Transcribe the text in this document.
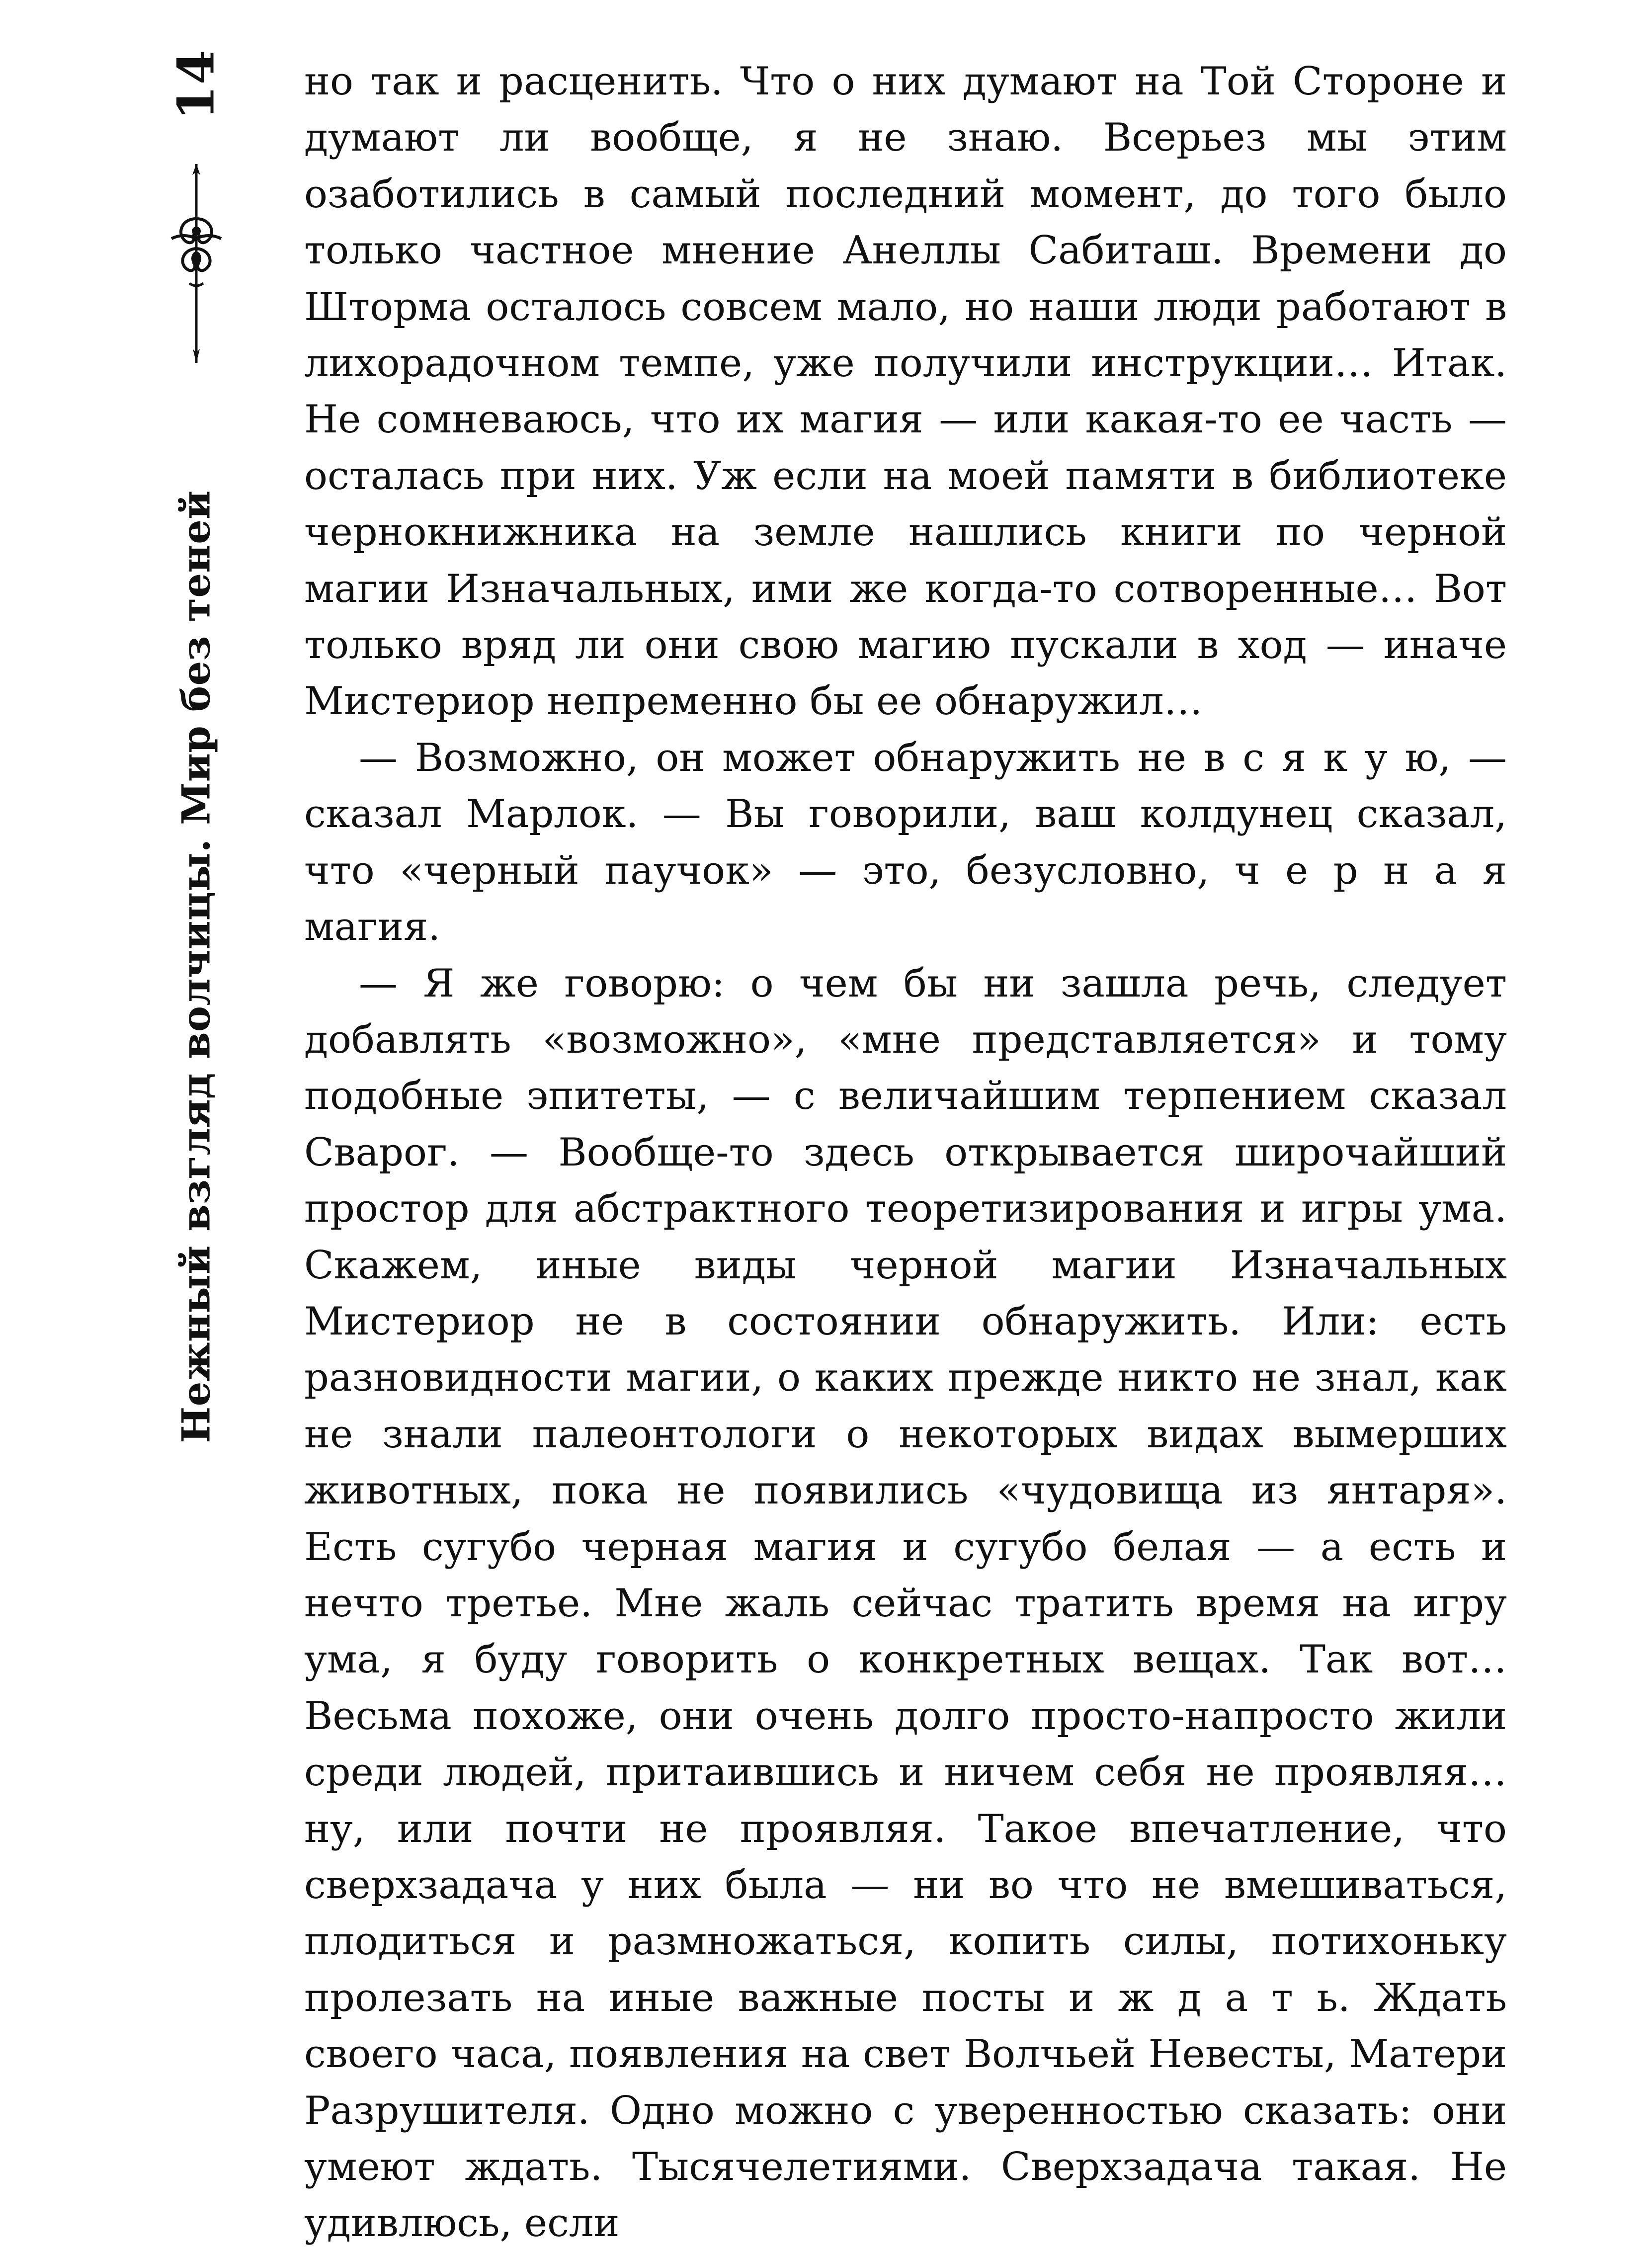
14
Нежный взгляд волчицы. Мир без теней

но так и расценить. Что о них думают на Той Стороне и думают ли вообще, я не знаю. Всерьез мы этим озаботились в самый последний момент, до того было только частное мнение Анеллы Сабиташ. Времени до Шторма осталось совсем мало, но наши люди работают в лихорадочном темпе, уже получили инструкции… Итак. Не сомневаюсь, что их магия — или какая-то ее часть — осталась при них. Уж если на моей памяти в библиотеке чернокнижника на земле нашлись книги по черной магии Изначальных, ими же когда-то сотворенные… Вот только вряд ли они свою магию пускали в ход — иначе Мистериор непременно бы ее обнаружил…

— Возможно, он может обнаружить не в с я к у ю, — сказал Марлок. — Вы говорили, ваш колдунец сказал, что «черный паучок» — это, безусловно, ч е р н а я магия.

— Я же говорю: о чем бы ни зашла речь, следует добавлять «возможно», «мне представляется» и тому подобные эпитеты, — с величайшим терпением сказал Сварог. — Вообще-то здесь открывается широчайший простор для абстрактного теоретизирования и игры ума. Скажем, иные виды черной магии Изначальных Мистериор не в состоянии обнаружить. Или: есть разновидности магии, о каких прежде никто не знал, как не знали палеонтологи о некоторых видах вымерших животных, пока не появились «чудовища из янтаря». Есть сугубо черная магия и сугубо белая — а есть и нечто третье. Мне жаль сейчас тратить время на игру ума, я буду говорить о конкретных вещах. Так вот… Весьма похоже, они очень долго просто-напросто жили среди людей, притаившись и ничем себя не проявляя… ну, или почти не проявляя. Такое впечатление, что сверхзадача у них была — ни во что не вмешиваться, плодиться и размножаться, копить силы, потихоньку пролезать на иные важные посты и ж д а т ь. Ждать своего часа, появления на свет Волчьей Невесты, Матери Разрушителя. Одно можно с уверенностью сказать: они умеют ждать. Тысячелетиями. Сверхзадача такая. Не удивлюсь, если
